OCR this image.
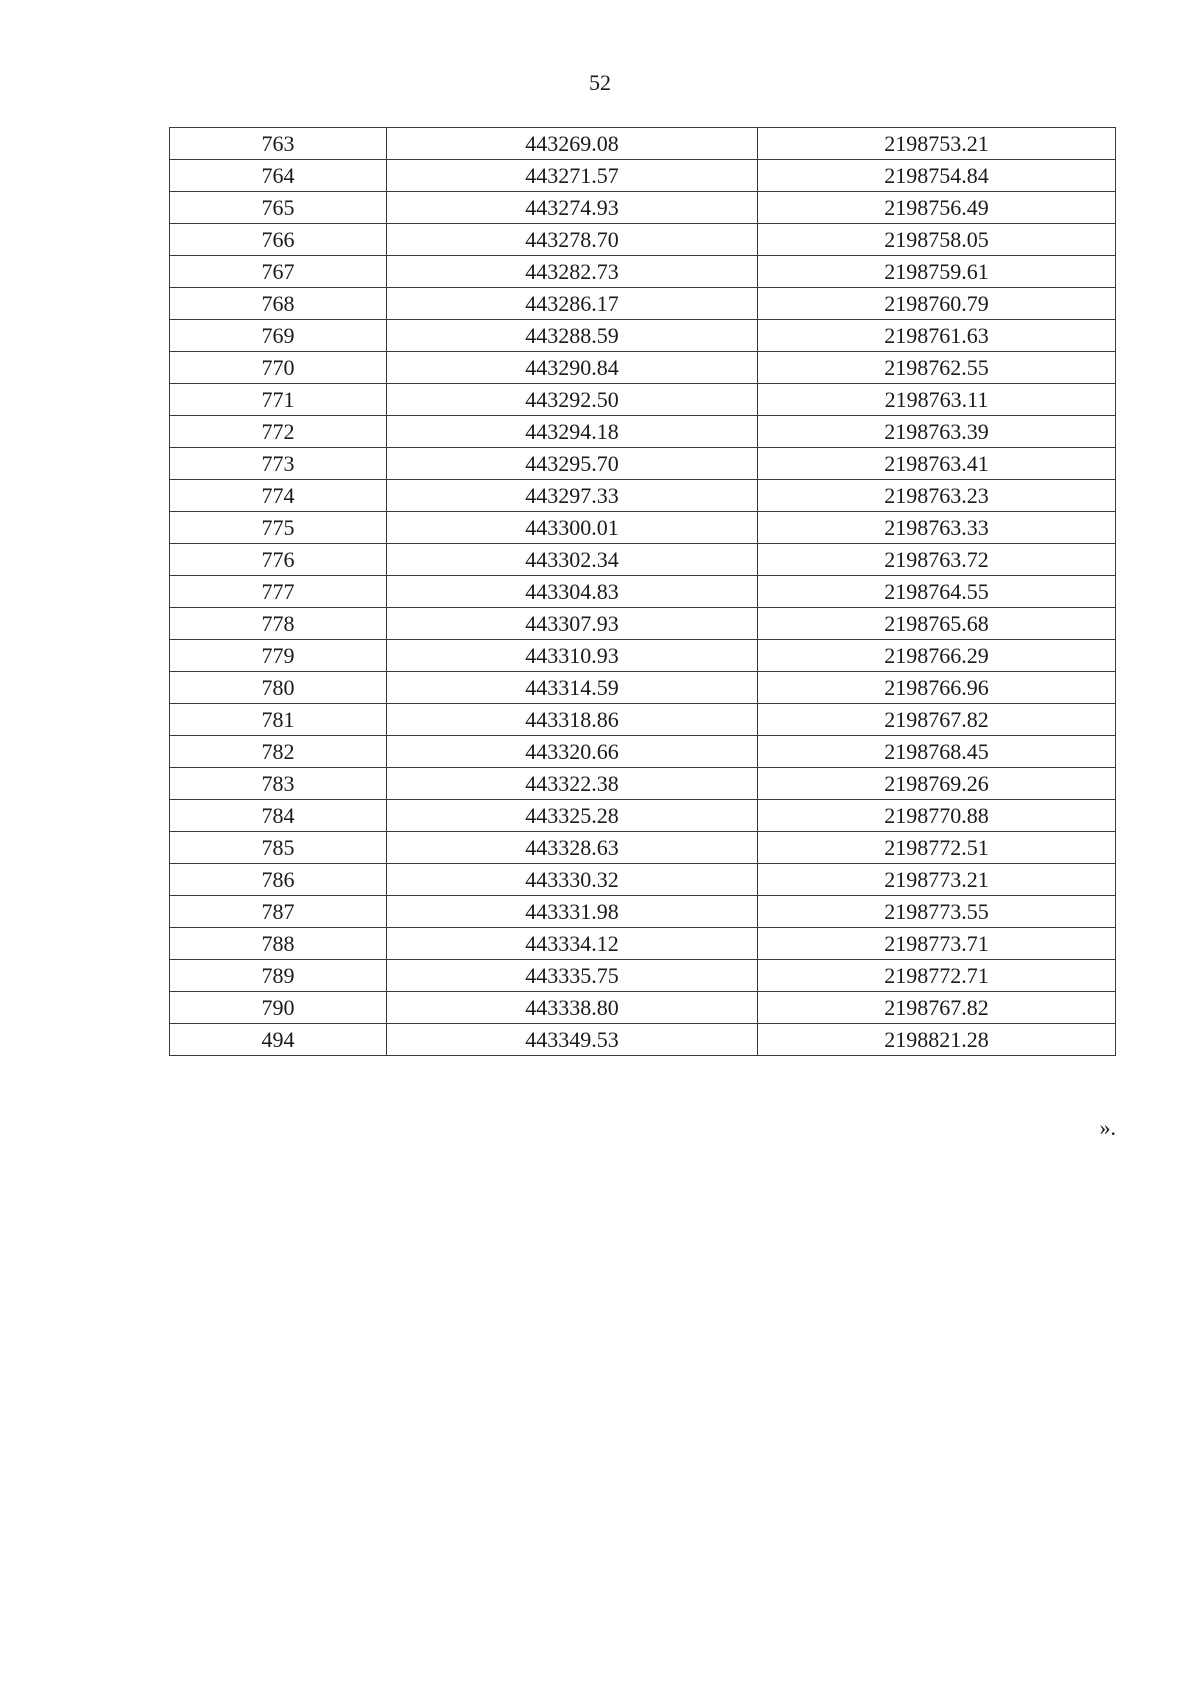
52
763	443269.08	2198753.21
764	443271.57	2198754.84
765	443274.93	2198756.49
766	443278.70	2198758.05
767	443282.73	2198759.61
768	443286.17	2198760.79
769	443288.59	2198761.63
770	443290.84	2198762.55
771	443292.50	2198763.11
772	443294.18	2198763.39
773	443295.70	2198763.41
774	443297.33	2198763.23
775	443300.01	2198763.33
776	443302.34	2198763.72
777	443304.83	2198764.55
778	443307.93	2198765.68
779	443310.93	2198766.29
780	443314.59	2198766.96
781	443318.86	2198767.82
782	443320.66	2198768.45
783	443322.38	2198769.26
784	443325.28	2198770.88
785	443328.63	2198772.51
786	443330.32	2198773.21
787	443331.98	2198773.55
788	443334.12	2198773.71
789	443335.75	2198772.71
790	443338.80	2198767.82
494	443349.53	2198821.28
».
